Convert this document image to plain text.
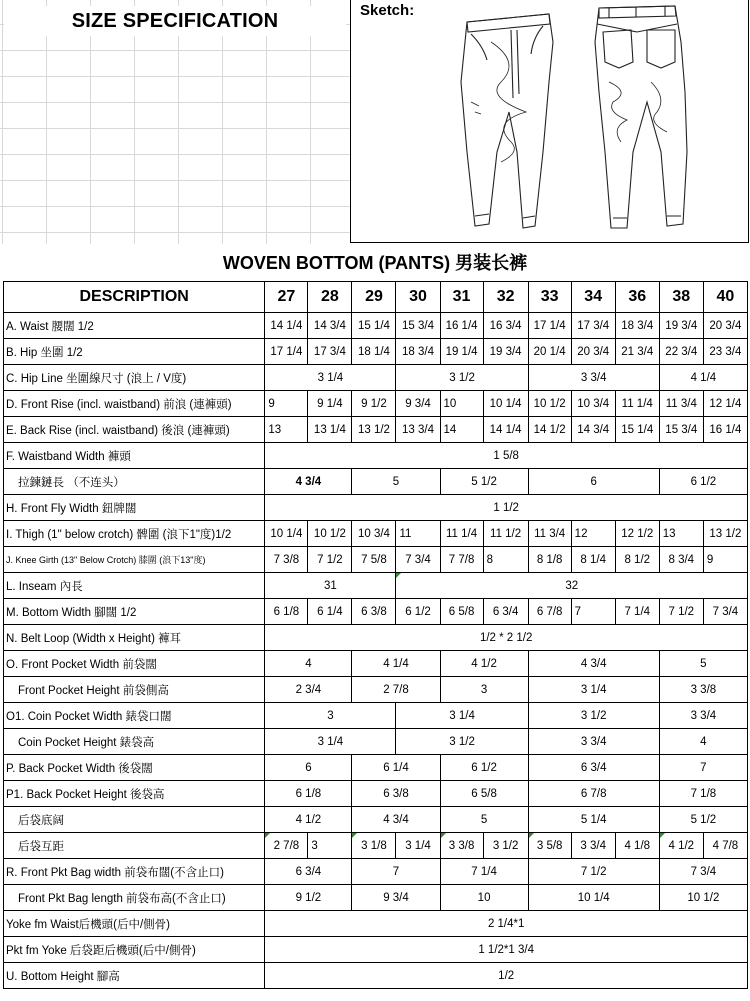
SIZE SPECIFICATION	Sketch:
WOVEN BOTTOM (PANTS) 男装长裤
DESCRIPTION	27	28	29	30	31	32	33	34	36	38	40
A. Waist 腰闊 1/2	14 1/4	14 3/4	15 1/4	15 3/4	16 1/4	16 3/4	17 1/4	17 3/4	18 3/4	19 3/4	20 3/4
B. Hip 坐圍 1/2	17 1/4	17 3/4	18 1/4	18 3/4	19 1/4	19 3/4	20 1/4	20 3/4	21 3/4	22 3/4	23 3/4
C. Hip Line 坐圍線尺寸 (浪上 / V度)	3 1/4			3 1/2			3 3/4			4 1/4	
D. Front Rise (incl. waistband) 前浪 (連褲頭)	9	9 1/4	9 1/2	9 3/4	10	10 1/4	10 1/2	10 3/4	11 1/4	11 3/4	12 1/4
E. Back Rise (incl. waistband) 後浪 (連褲頭)	13	13 1/4	13 1/2	13 3/4	14	14 1/4	14 1/2	14 3/4	15 1/4	15 3/4	16 1/4
F. Waistband Width 褲頭	1 5/8										
拉鍊鏈長 （不连头）	4 3/4		5		5 1/2		6			6 1/2	
H. Front Fly Width 鈕牌闊	1 1/2										
I. Thigh (1" below crotch) 髀圍 (浪下1"度)1/2	10 1/4	10 1/2	10 3/4	11	11 1/4	11 1/2	11 3/4	12	12 1/2	13	13 1/2
J. Knee Girth (13" Below Crotch) 膝圍 (浪下13"度)	7 3/8	7 1/2	7 5/8	7 3/4	7 7/8	8	8 1/8	8 1/4	8 1/2	8 3/4	9
L. Inseam 內長	31			32							
M. Bottom Width 腳闊 1/2	6 1/8	6 1/4	6 3/8	6 1/2	6 5/8	6 3/4	6 7/8	7	7 1/4	7 1/2	7 3/4
N. Belt Loop (Width x Height) 褲耳	1/2 * 2 1/2										
O. Front Pocket Width 前袋闊	4		4 1/4		4 1/2		4 3/4			5	
Front Pocket Height 前袋側高	2 3/4		2 7/8		3		3 1/4			3 3/8	
O1. Coin Pocket Width 錶袋口闊	3			3 1/4			3 1/2			3 3/4	
Coin Pocket Height 錶袋高	3 1/4			3 1/2			3 3/4			4	
P. Back Pocket Width 後袋闊	6		6 1/4		6 1/2		6 3/4			7	
P1. Back Pocket Height 後袋高	6 1/8		6 3/8		6 5/8		6 7/8			7 1/8	
后袋底阔	4 1/2		4 3/4		5		5 1/4			5 1/2	
后袋互距	2 7/8	3	3 1/8	3 1/4	3 3/8	3 1/2	3 5/8	3 3/4	4 1/8	4 1/2	4 7/8
R. Front Pkt Bag width 前袋布闊(不含止口)	6 3/4		7		7 1/4		7 1/2			7 3/4	
Front Pkt Bag length 前袋布高(不含止口)	9 1/2		9 3/4		10		10 1/4			10 1/2	
Yoke fm Waist后機頭(后中/側骨)	2 1/4*1										
Pkt fm Yoke 后袋距后機頭(后中/側骨)	1 1/2*1 3/4										
U. Bottom Height 腳高	1/2										
